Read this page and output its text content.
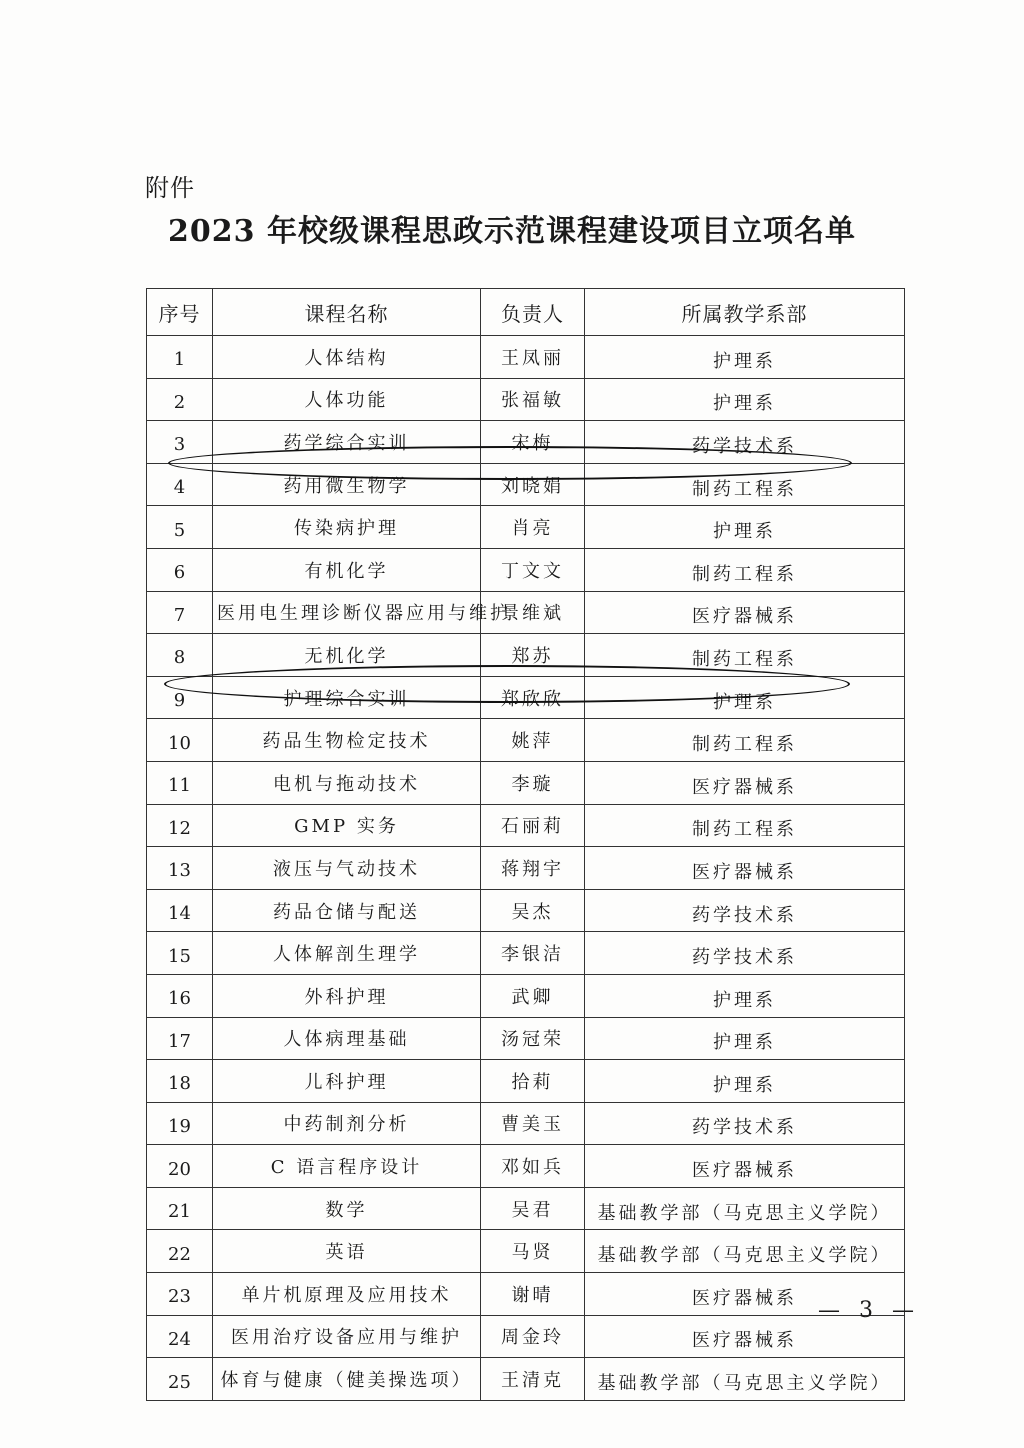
附件
2023 年校级课程思政示范课程建设项目立项名单
序号	课程名称	负责人	所属教学系部
1	人体结构	王凤丽	护理系
2	人体功能	张福敏	护理系
3	药学综合实训	宋梅	药学技术系
4	药用微生物学	刘晓娟	制药工程系
5	传染病护理	肖亮	护理系
6	有机化学	丁文文	制药工程系
7	医用电生理诊断仪器应用与维护	景维斌	医疗器械系
8	无机化学	郑苏	制药工程系
9	护理综合实训	郑欣欣	护理系
10	药品生物检定技术	姚萍	制药工程系
11	电机与拖动技术	李璇	医疗器械系
12	GMP 实务	石丽莉	制药工程系
13	液压与气动技术	蒋翔宇	医疗器械系
14	药品仓储与配送	吴杰	药学技术系
15	人体解剖生理学	李银洁	药学技术系
16	外科护理	武卿	护理系
17	人体病理基础	汤冠荣	护理系
18	儿科护理	拾莉	护理系
19	中药制剂分析	曹美玉	药学技术系
20	C 语言程序设计	邓如兵	医疗器械系
21	数学	吴君	基础教学部（马克思主义学院）
22	英语	马贤	基础教学部（马克思主义学院）
23	单片机原理及应用技术	谢晴	医疗器械系
24	医用治疗设备应用与维护	周金玲	医疗器械系
25	体育与健康（健美操选项）	王清克	基础教学部（马克思主义学院）
— 3 —
